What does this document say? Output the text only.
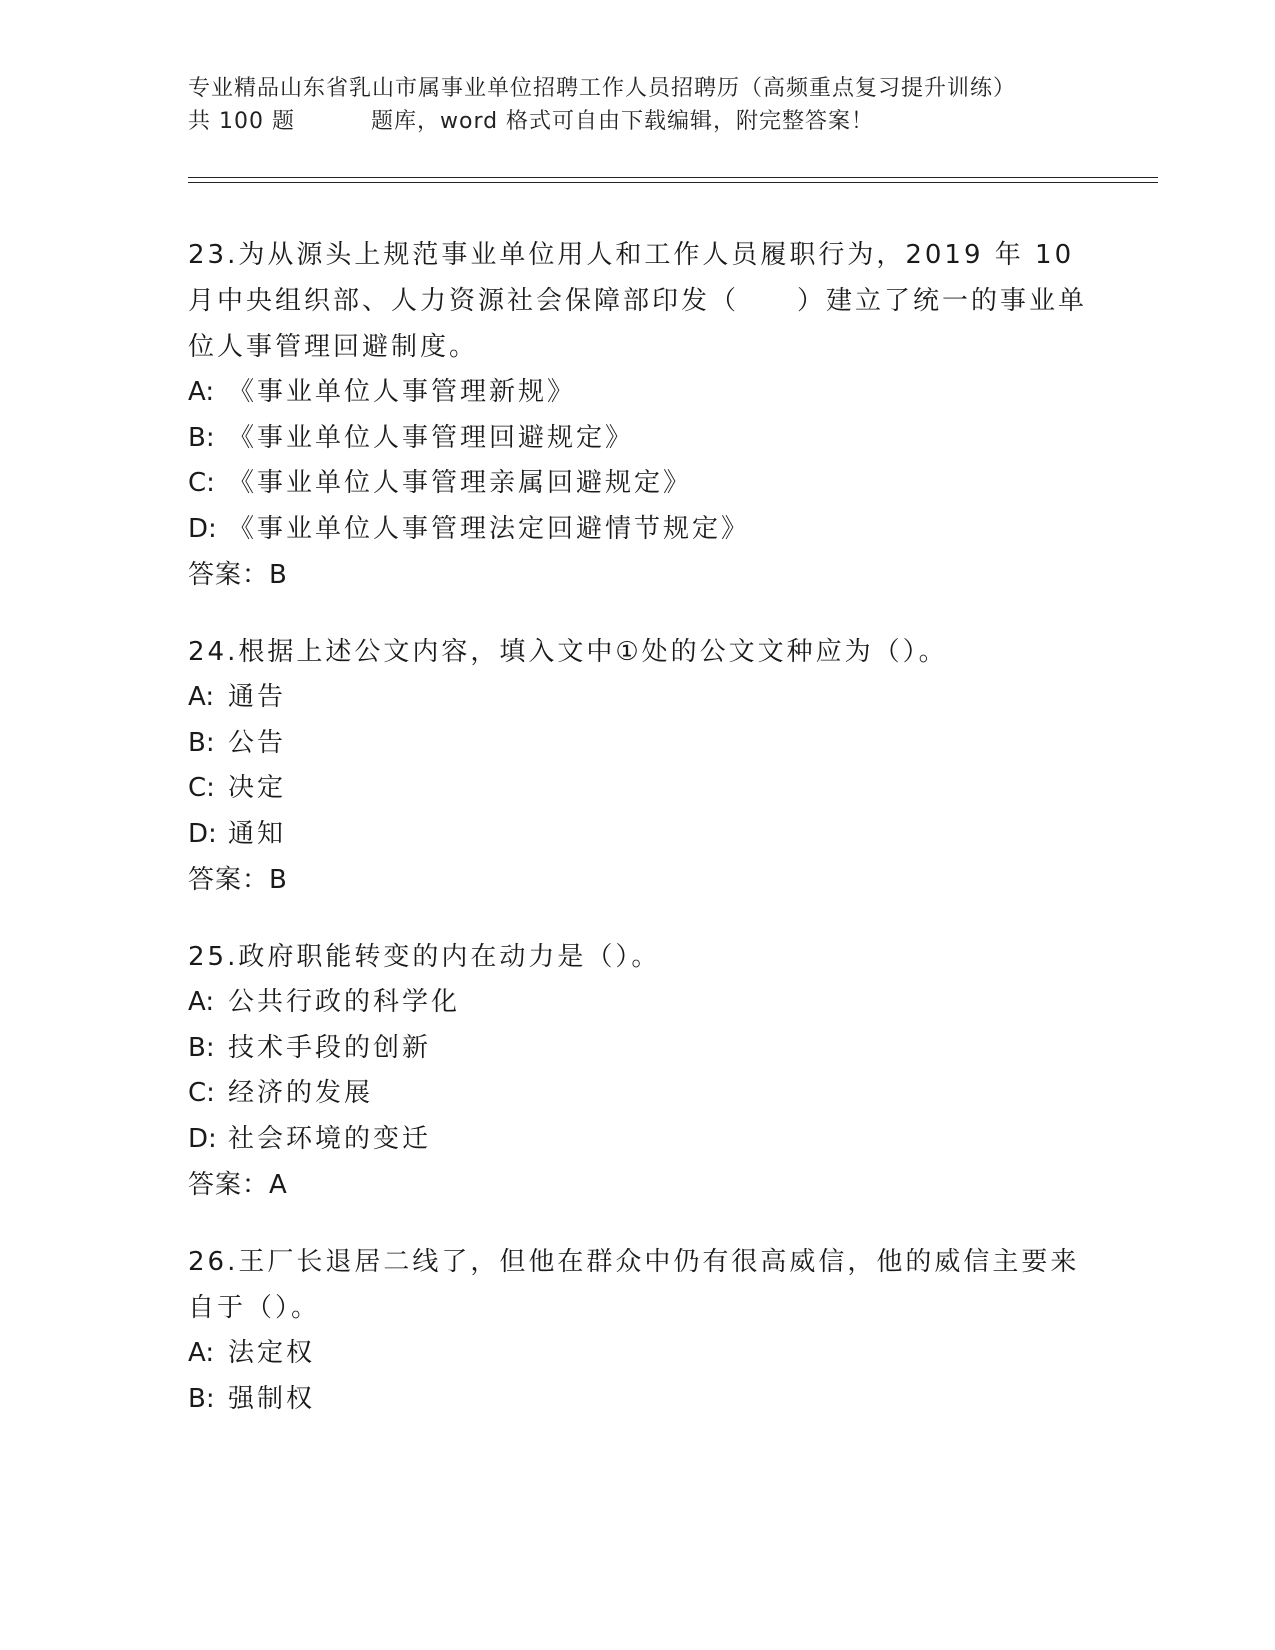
专业精品山东省乳山市属事业单位招聘工作人员招聘历（高频重点复习提升训练）
共 100 题	题库，word 格式可自由下载编辑，附完整答案！

23.为从源头上规范事业单位用人和工作人员履职行为，2019 年 10 月中央组织部、人力资源社会保障部印发（　　）建立了统一的事业单位人事管理回避制度。

A: 《事业单位人事管理新规》
B: 《事业单位人事管理回避规定》
C: 《事业单位人事管理亲属回避规定》
D: 《事业单位人事管理法定回避情节规定》
答案：B

24.根据上述公文内容，填入文中①处的公文文种应为（）。

A: 通告
B: 公告
C: 决定
D: 通知
答案：B

25.政府职能转变的内在动力是（）。

A: 公共行政的科学化
B: 技术手段的创新
C: 经济的发展
D: 社会环境的变迁
答案：A

26.王厂长退居二线了，但他在群众中仍有很高威信，他的威信主要来自于（）。

A: 法定权
B: 强制权
